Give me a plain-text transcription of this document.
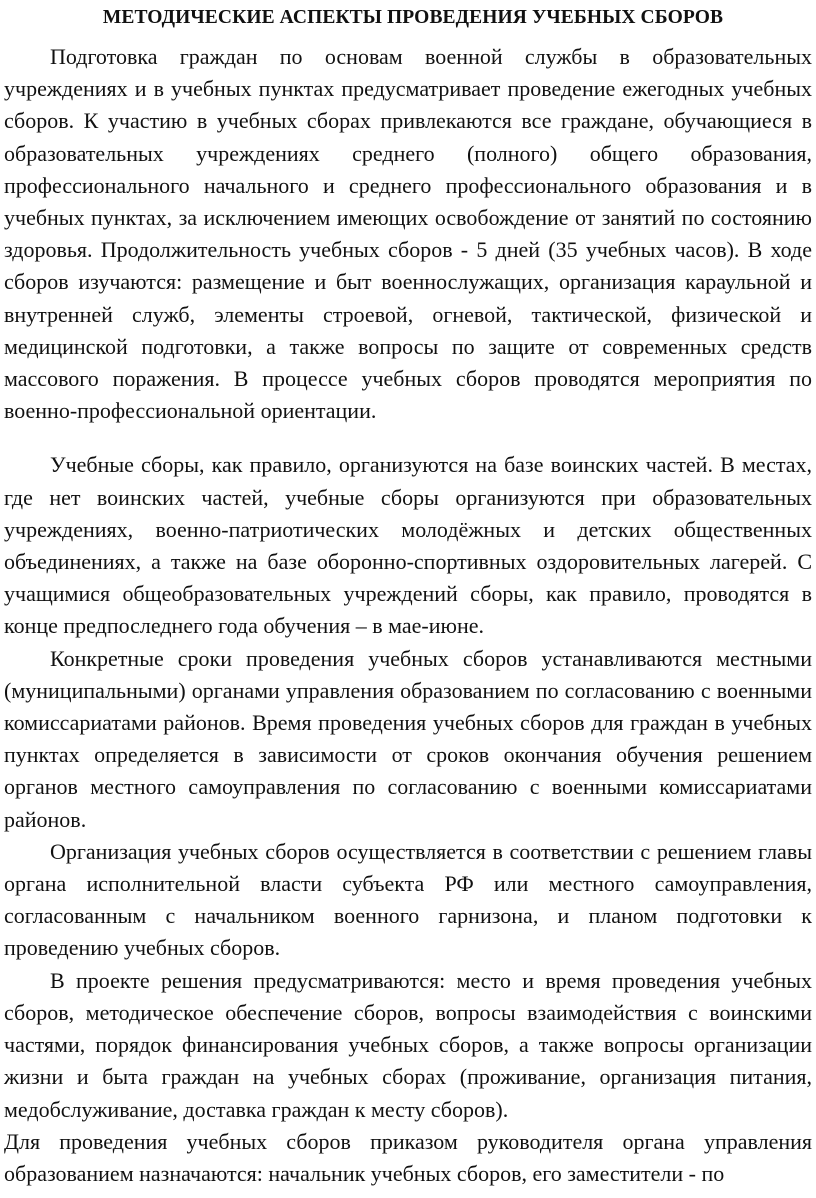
МЕТОДИЧЕСКИЕ АСПЕКТЫ ПРОВЕДЕНИЯ УЧЕБНЫХ СБОРОВ

Подготовка граждан по основам военной службы в образовательных учреждениях и в учебных пунктах предусматривает проведение ежегодных учебных сборов. К участию в учебных сборах привлекаются все граждане, обучающиеся в образовательных учреждениях среднего (полного) общего образования, профессионального начального и среднего профессионального образования и в учебных пунктах, за исключением имеющих освобождение от занятий по состоянию здоровья. Продолжительность учебных сборов - 5 дней (35 учебных часов). В ходе сборов изучаются: размещение и быт военнослужащих, организация караульной и внутренней служб, элементы строевой, огневой, тактической, физической и медицинской подготовки, а также вопросы по защите от современных средств массового поражения. В процессе учебных сборов проводятся мероприятия по военно-профессиональной ориентации.

Учебные сборы, как правило, организуются на базе воинских частей. В местах, где нет воинских частей, учебные сборы организуются при образовательных учреждениях, военно-патриотических молодёжных и детских общественных объединениях, а также на базе оборонно-спортивных оздоровительных лагерей. С учащимися общеобразовательных учреждений сборы, как правило, проводятся в конце предпоследнего года обучения – в мае-июне.

Конкретные сроки проведения учебных сборов устанавливаются местными (муниципальными) органами управления образованием по согласованию с военными комиссариатами районов. Время проведения учебных сборов для граждан в учебных пунктах определяется в зависимости от сроков окончания обучения решением органов местного самоуправления по согласованию с военными комиссариатами районов.

Организация учебных сборов осуществляется в соответствии с решением главы органа исполнительной власти субъекта РФ или местного самоуправления, согласованным с начальником военного гарнизона, и планом подготовки к проведению учебных сборов.

В проекте решения предусматриваются: место и время проведения учебных сборов, методическое обеспечение сборов, вопросы взаимодействия с воинскими частями, порядок финансирования учебных сборов, а также вопросы организации жизни и быта граждан на учебных сборах (проживание, организация питания, медобслуживание, доставка граждан к месту сборов).

Для проведения учебных сборов приказом руководителя органа управления образованием назначаются: начальник учебных сборов, его заместители - по
